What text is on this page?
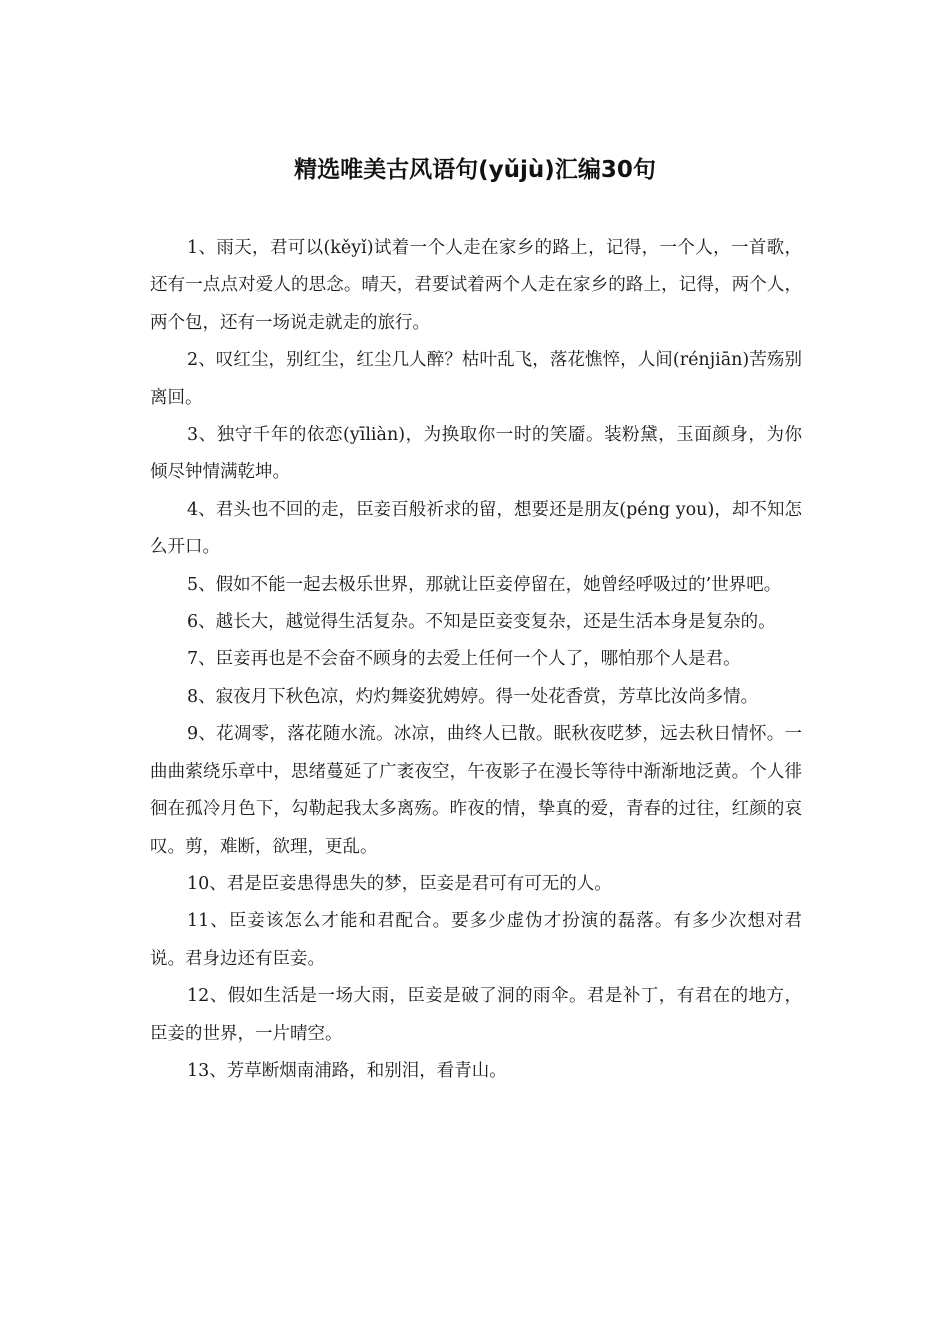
精选唯美古风语句(yǔjù)汇编30句

1、雨天，君可以(kěyǐ)试着一个人走在家乡的路上，记得，一个人，一首歌，还有一点点对爱人的思念。晴天，君要试着两个人走在家乡的路上，记得，两个人，两个包，还有一场说走就走的旅行。

2、叹红尘，别红尘，红尘几人醉？枯叶乱飞，落花憔悴，人间(rénjiān)苦殇别离回。

3、独守千年的依恋(yīliàn)，为换取你一时的笑靥。装粉黛，玉面颜身，为你倾尽钟情满乾坤。

4、君头也不回的走，臣妾百般祈求的留，想要还是朋友(péng you)，却不知怎么开口。

5、假如不能一起去极乐世界，那就让臣妾停留在，她曾经呼吸过的’世界吧。

6、越长大，越觉得生活复杂。不知是臣妾变复杂，还是生活本身是复杂的。

7、臣妾再也是不会奋不顾身的去爱上任何一个人了，哪怕那个人是君。

8、寂夜月下秋色凉，灼灼舞姿犹娉婷。得一处花香赏，芳草比汝尚多情。

9、花凋零，落花随水流。冰凉，曲终人已散。眠秋夜呓梦，远去秋日情怀。一曲曲萦绕乐章中，思绪蔓延了广袤夜空，午夜影子在漫长等待中渐渐地泛黄。个人徘徊在孤冷月色下，勾勒起我太多离殇。昨夜的情，挚真的爱，青春的过往，红颜的哀叹。剪，难断，欲理，更乱。

10、君是臣妾患得患失的梦，臣妾是君可有可无的人。

11、臣妾该怎么才能和君配合。要多少虚伪才扮演的磊落。有多少次想对君说。君身边还有臣妾。

12、假如生活是一场大雨，臣妾是破了洞的雨伞。君是补丁，有君在的地方，臣妾的世界，一片晴空。

13、芳草断烟南浦路，和别泪，看青山。
